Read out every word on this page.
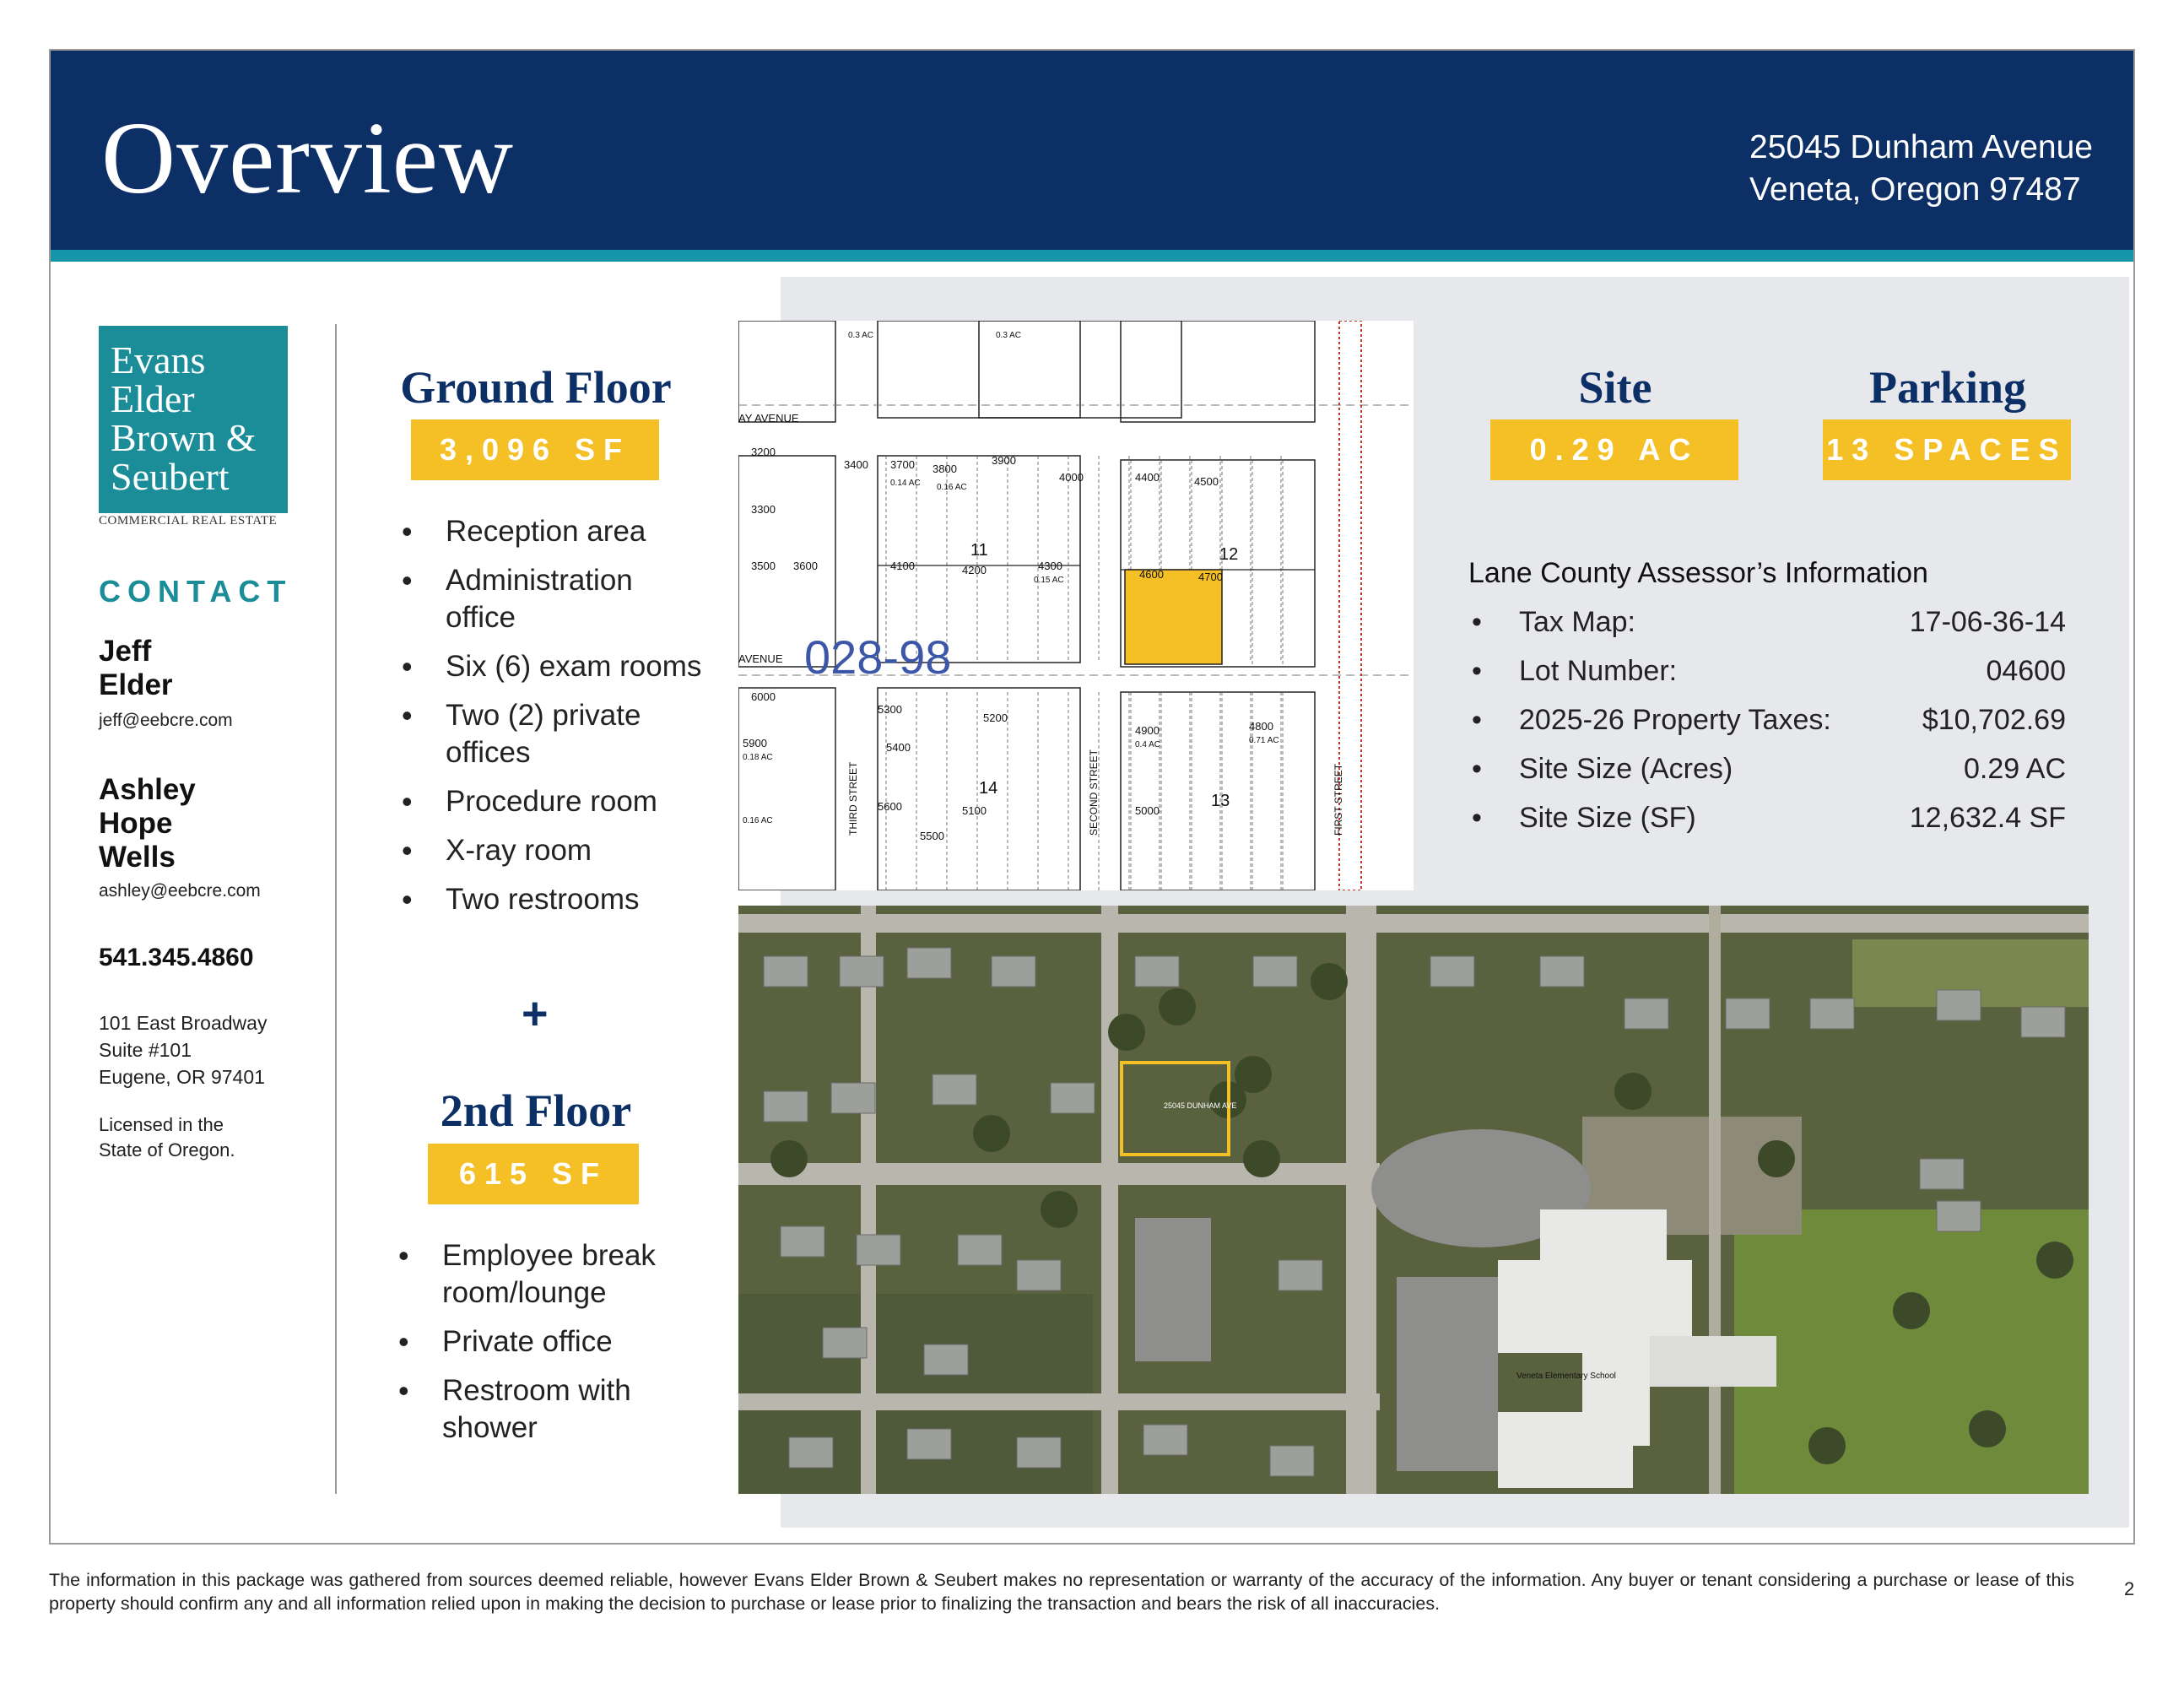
Overview	25045 Dunham Avenue
Veneta, Oregon 97487
Evans
Elder
Brown &
Seubert
COMMERCIAL REAL ESTATE
CONTACT
Jeff
Elder
jeff@eebcre.com
Ashley
Hope
Wells
ashley@eebcre.com
541.345.4860
101 East Broadway
Suite #101
Eugene, OR 97401
Licensed in the
State of Oregon.
Ground Floor
3,096 SF
• Reception area
• Administration
office
• Six (6) exam rooms
• Two (2) private
offices
• Procedure room
• X-ray room
• Two restrooms
+
2nd Floor
615 SF
• Employee break
room/lounge
• Private office
• Restroom with
shower
Site
0.29 AC
Parking
13 SPACES
Lane County Assessor’s Information
• Tax Map:	17-06-36-14
• Lot Number:	04600
• 2025-26 Property Taxes:	$10,702.69
• Site Size (Acres)	0.29 AC
• Site Size (SF)	12,632.4 SF
3200
3300
3400
3500 3600
3700 3800
3900
4000
4100	4200	4300
4400	4500
4600	4700
4800
4900
5000
5100
5200
5300
5400
5500
5600
5900
6000
0.3 AC	0.3 AC
0.14 AC 0.16 AC
0.15 AC
0.4 AC	0.71 AC
0.18 AC
0.16 AC
11	12
13
14
AY AVENUE
AVENUE
THIRD STREET	SECOND STREET	FIRST STREET
028-98
25045 DUNHAM AVE
Veneta Elementary School
The information in this package was gathered from sources deemed reliable, however Evans Elder Brown & Seubert makes no representation or warranty of the accuracy of the information. Any buyer or tenant considering a purchase or lease of this property should confirm any and all information relied upon in making the decision to purchase or lease prior to finalizing the transaction and bears the risk of all inaccuracies.
2
